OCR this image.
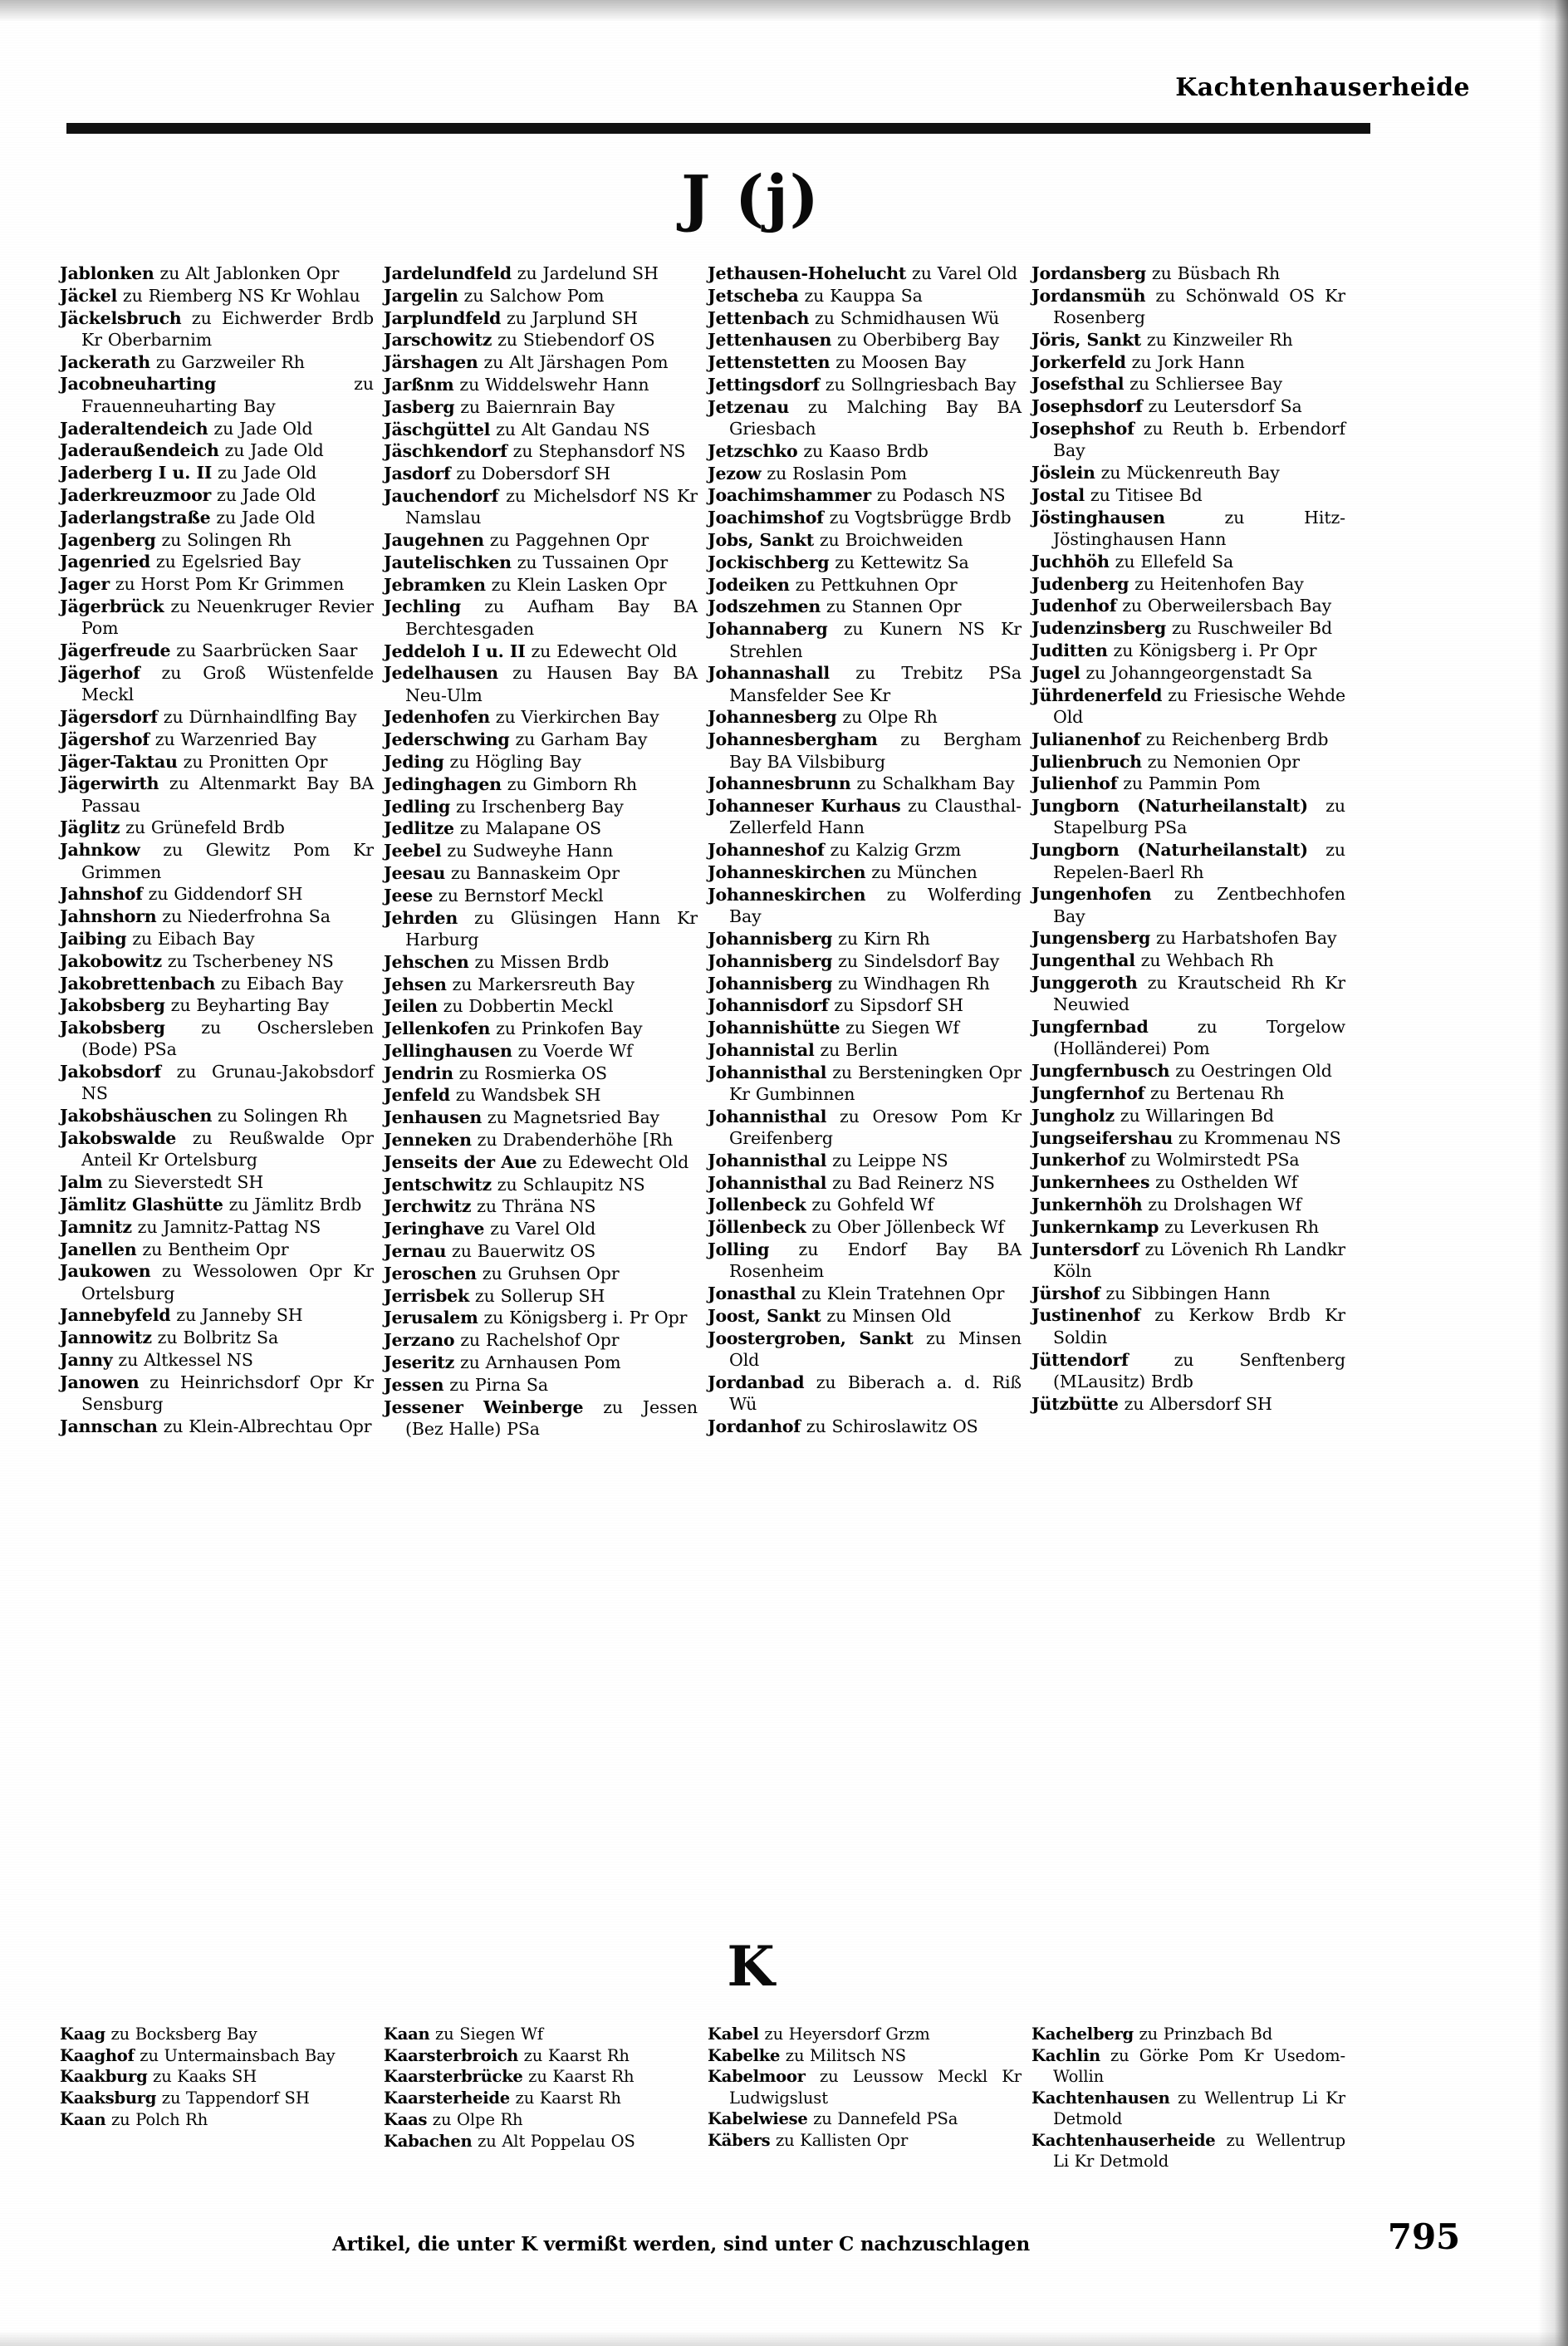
Kachtenhauserheide
J (j)

Jablonken zu Alt Jablonken Opr

Jäckel zu Riemberg NS Kr Wohlau

Jäckelsbruch zu Eichwerder Brdb Kr Oberbarnim

Jackerath zu Garzweiler Rh

Jacobneuharting zu Frauenneuharting Bay

Jaderaltendeich zu Jade Old

Jaderaußendeich zu Jade Old

Jaderberg I u. II zu Jade Old

Jaderkreuzmoor zu Jade Old

Jaderlangstraße zu Jade Old

Jagenberg zu Solingen Rh

Jagenried zu Egelsried Bay

Jager zu Horst Pom Kr Grimmen

Jägerbrück zu Neuenkruger Revier Pom

Jägerfreude zu Saarbrücken Saar

Jägerhof zu Groß Wüstenfelde Meckl

Jägersdorf zu Dürnhaindlfing Bay

Jägershof zu Warzenried Bay

Jäger-Taktau zu Pronitten Opr

Jägerwirth zu Altenmarkt Bay BA Passau

Jäglitz zu Grünefeld Brdb

Jahnkow zu Glewitz Pom Kr Grimmen

Jahnshof zu Giddendorf SH

Jahnshorn zu Niederfrohna Sa

Jaibing zu Eibach Bay

Jakobowitz zu Tscherbeney NS

Jakobrettenbach zu Eibach Bay

Jakobsberg zu Beyharting Bay

Jakobsberg zu Oschersleben (Bode) PSa

Jakobsdorf zu Grunau-Jakobsdorf NS

Jakobshäuschen zu Solingen Rh

Jakobswalde zu Reußwalde Opr Anteil Kr Ortelsburg

Jalm zu Sieverstedt SH

Jämlitz Glashütte zu Jämlitz Brdb

Jamnitz zu Jamnitz-Pattag NS

Janellen zu Bentheim Opr

Jaukowen zu Wessolowen Opr Kr Ortelsburg

Jannebyfeld zu Janneby SH

Jannowitz zu Bolbritz Sa

Janny zu Altkessel NS

Janowen zu Heinrichsdorf Opr Kr Sensburg

Jannschan zu Klein-Albrechtau Opr

Jardelundfeld zu Jardelund SH

Jargelin zu Salchow Pom

Jarplundfeld zu Jarplund SH

Jarschowitz zu Stiebendorf OS

Järshagen zu Alt Järshagen Pom

Jarßnm zu Widdelswehr Hann

Jasberg zu Baiernrain Bay

Jäschgüttel zu Alt Gandau NS

Jäschkendorf zu Stephansdorf NS

Jasdorf zu Dobersdorf SH

Jauchendorf zu Michelsdorf NS Kr Namslau

Jaugehnen zu Paggehnen Opr

Jautelischken zu Tussainen Opr

Jebramken zu Klein Lasken Opr

Jechling zu Aufham Bay BA Berchtesgaden

Jeddeloh I u. II zu Edewecht Old

Jedelhausen zu Hausen Bay BA Neu-Ulm

Jedenhofen zu Vierkirchen Bay

Jederschwing zu Garham Bay

Jeding zu Högling Bay

Jedinghagen zu Gimborn Rh

Jedling zu Irschenberg Bay

Jedlitze zu Malapane OS

Jeebel zu Sudweyhe Hann

Jeesau zu Bannaskeim Opr

Jeese zu Bernstorf Meckl

Jehrden zu Glüsingen Hann Kr Harburg

Jehschen zu Missen Brdb

Jehsen zu Markersreuth Bay

Jeilen zu Dobbertin Meckl

Jellenkofen zu Prinkofen Bay

Jellinghausen zu Voerde Wf

Jendrin zu Rosmierka OS

Jenfeld zu Wandsbek SH

Jenhausen zu Magnetsried Bay

Jenneken zu Drabenderhöhe [Rh

Jenseits der Aue zu Edewecht Old

Jentschwitz zu Schlaupitz NS

Jerchwitz zu Thräna NS

Jeringhave zu Varel Old

Jernau zu Bauerwitz OS

Jeroschen zu Gruhsen Opr

Jerrisbek zu Sollerup SH

Jerusalem zu Königsberg i. Pr Opr

Jerzano zu Rachelshof Opr

Jeseritz zu Arnhausen Pom

Jessen zu Pirna Sa

Jessener Weinberge zu Jessen (Bez Halle) PSa

Jethausen-Hohelucht zu Varel Old

Jetscheba zu Kauppa Sa

Jettenbach zu Schmidhausen Wü

Jettenhausen zu Oberbiberg Bay

Jettenstetten zu Moosen Bay

Jettingsdorf zu Sollngriesbach Bay

Jetzenau zu Malching Bay BA Griesbach

Jetzschko zu Kaaso Brdb

Jezow zu Roslasin Pom

Joachimshammer zu Podasch NS

Joachimshof zu Vogtsbrügge Brdb

Jobs, Sankt zu Broichweiden

Jockischberg zu Kettewitz Sa

Jodeiken zu Pettkuhnen Opr

Jodszehmen zu Stannen Opr

Johannaberg zu Kunern NS Kr Strehlen

Johannashall zu Trebitz PSa Mansfelder See Kr

Johannesberg zu Olpe Rh

Johannesbergham zu Bergham Bay BA Vilsbiburg

Johannesbrunn zu Schalkham Bay

Johanneser Kurhaus zu Clausthal-Zellerfeld Hann

Johanneshof zu Kalzig Grzm

Johanneskirchen zu München

Johanneskirchen zu Wolferding Bay

Johannisberg zu Kirn Rh

Johannisberg zu Sindelsdorf Bay

Johannisberg zu Windhagen Rh

Johannisdorf zu Sipsdorf SH

Johannishütte zu Siegen Wf

Johannistal zu Berlin

Johannisthal zu Bersteningken Opr Kr Gumbinnen

Johannisthal zu Oresow Pom Kr Greifenberg

Johannisthal zu Leippe NS

Johannisthal zu Bad Reinerz NS

Jollenbeck zu Gohfeld Wf

Jöllenbeck zu Ober Jöllenbeck Wf

Jolling zu Endorf Bay BA Rosenheim

Jonasthal zu Klein Tratehnen Opr

Joost, Sankt zu Minsen Old

Joostergroben, Sankt zu Minsen Old

Jordanbad zu Biberach a. d. Riß Wü

Jordanhof zu Schiroslawitz OS

Jordansberg zu Büsbach Rh

Jordansmüh zu Schönwald OS Kr Rosenberg

Jöris, Sankt zu Kinzweiler Rh

Jorkerfeld zu Jork Hann

Josefsthal zu Schliersee Bay

Josephsdorf zu Leutersdorf Sa

Josephshof zu Reuth b. Erbendorf Bay

Jöslein zu Mückenreuth Bay

Jostal zu Titisee Bd

Jöstinghausen zu Hitz-Jöstinghausen Hann

Juchhöh zu Ellefeld Sa

Judenberg zu Heitenhofen Bay

Judenhof zu Oberweilersbach Bay

Judenzinsberg zu Ruschweiler Bd

Juditten zu Königsberg i. Pr Opr

Jugel zu Johanngeorgenstadt Sa

Jührdenerfeld zu Friesische Wehde Old

Julianenhof zu Reichenberg Brdb

Julienbruch zu Nemonien Opr

Julienhof zu Pammin Pom

Jungborn (Naturheilanstalt) zu Stapelburg PSa

Jungborn (Naturheilanstalt) zu Repelen-Baerl Rh

Jungenhofen zu Zentbechhofen Bay

Jungensberg zu Harbatshofen Bay

Jungenthal zu Wehbach Rh

Junggeroth zu Krautscheid Rh Kr Neuwied

Jungfernbad zu Torgelow (Holländerei) Pom

Jungfernbusch zu Oestringen Old

Jungfernhof zu Bertenau Rh

Jungholz zu Willaringen Bd

Jungseifershau zu Krommenau NS

Junkerhof zu Wolmirstedt PSa

Junkernhees zu Osthelden Wf

Junkernhöh zu Drolshagen Wf

Junkernkamp zu Leverkusen Rh

Juntersdorf zu Lövenich Rh Landkr Köln

Jürshof zu Sibbingen Hann

Justinenhof zu Kerkow Brdb Kr Soldin

Jüttendorf zu Senftenberg (MLausitz) Brdb

Jützbütte zu Albersdorf SH

K

Kaag zu Bocksberg Bay

Kaaghof zu Untermainsbach Bay

Kaakburg zu Kaaks SH

Kaaksburg zu Tappendorf SH

Kaan zu Polch Rh

Kaan zu Siegen Wf

Kaarsterbroich zu Kaarst Rh

Kaarsterbrücke zu Kaarst Rh

Kaarsterheide zu Kaarst Rh

Kaas zu Olpe Rh

Kabachen zu Alt Poppelau OS

Kabel zu Heyersdorf Grzm

Kabelke zu Militsch NS

Kabelmoor zu Leussow Meckl Kr Ludwigslust

Kabelwiese zu Dannefeld PSa

Käbers zu Kallisten Opr

Kachelberg zu Prinzbach Bd

Kachlin zu Görke Pom Kr Usedom-Wollin

Kachtenhausen zu Wellentrup Li Kr Detmold

Kachtenhauserheide zu Wellentrup Li Kr Detmold

Artikel, die unter K vermißt werden, sind unter C nachzuschlagen	795
